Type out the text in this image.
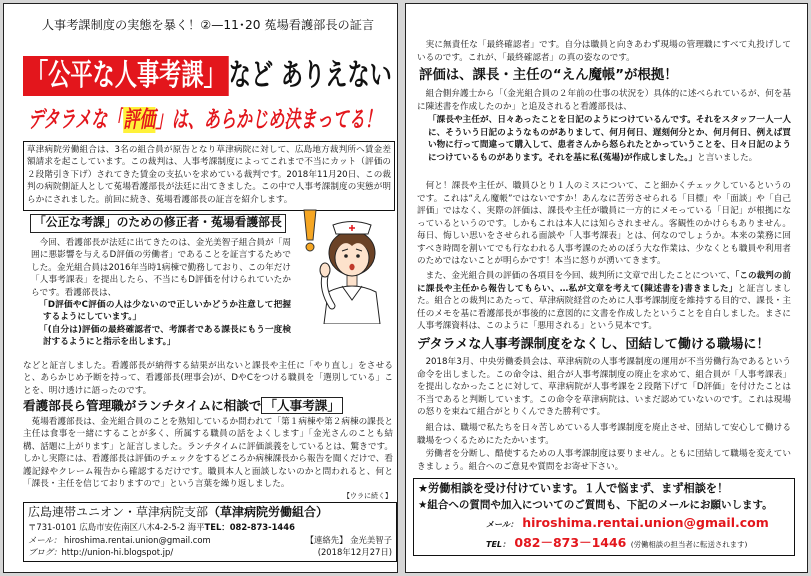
人事考課制度の実態を暴く！②—11･20 菟場看護部長の証言
「公平な人事考課」など ありえない
デタラメな「評価」は、あらかじめ決まってる！
草津病院労働組合は、3名の組合員が原告となり草津病院に対して、広島地方裁判所へ賃金差額請求を起こしています。この裁判は、人事考課制度によってこれまで不当にカット（評価の２段階引き下げ）されてきた賃金の支払いを求めている裁判です。2018年11月20日、この裁判の病院側証人として菟場看護部長が法廷に出てきました。この中で人事考課制度の実態が明らかにされました。前回に続き、菟場看護部長の証言を紹介します。
「公正な考課」のための修正者・菟場看護部長

今回、看護部長が法廷に出てきたのは、金光美智子組合員が「周囲に悪影響を与えるD評価の労働者」であることを証言するためでした。金光組合員は2016年当時1病棟で勤務しており、この年だけ「人事考課表」を提出したら、不当にもD評価を付けられていたからです。看護部長は、

「D評価やC評価の人は少ないので正しいかどうか注意して把握するようにしています。」

「(自分は)評価の最終確認者で、考課者である課長にもう一度検討するようにと指示を出します。」

などと証言しました。看護部長が納得する結果が出ないと課長や主任に「やり直し」をさせると、あらかじめ予断を持って、看護部長(理事会)が、DやCをつける職員を「選別している」ことを、明け透けに語ったのです。
看護部長ら管理職がランチタイムに相談で 「人事考課」
菟場看護部長は、金光組合員のことを熟知しているか問われて「第１病棟や第２病棟の課長と主任は食事を一緒にすることが多く、所属する職員の話をよくします」「金光さんのことも結構、話題に上がります」と証言しました。ランチタイムに評価談義をしているとは、驚きです。しかし実際には、看護部長は評価のチェックをするどころか病棟課長から報告を聞くだけで、看護記録やクレーム報告から確認するだけです。職員本人と面談しないのかと問われると、何と「課長・主任を信じておりますので」という言葉を繰り返しました。
【ウラに続く】
広島連帯ユニオン・草津病院支部（草津病院労働組合）
〒731-0101 広島市安佐南区八木4-2-5-2 海平 TEL： 082-873-1446
メール： hiroshima.rentai.union@gmail.com	【連絡先】 金光美智子
ブログ：http://union-hi.blogspot.jp/	(2018年12月27日)
実に無責任な「最終確認者」です。自分は職員と向きあわず現場の管理職にすべて丸投げしているのです。これが、「最終確認者」の真の姿なのです。
評価は、課長・主任の“えん魔帳”が根拠！
組合側弁護士から「（金光組合員の２年前の仕事の状況を）具体的に述べられているが、何を基に陳述書を作成したのか」と追及されると看護部長は、
「課長や主任が、日々あったことを日記のようにつけているんです。それをスタッフ一人一人に、そういう日記のようなものがありまして、何月何日、遅刻何分とか、何月何日、例えば買い物に行って間違って購入して、患者さんから怒られたとかっていうことを、日々日記のようにつけているものがあります。それを基に私(菟場)が作成しました。」と言いました。
何と！課長や主任が、職員ひとり１人のミスについて、こと細かくチェックしているというのです。これは“えん魔帳”ではないですか！あんなに苦労させられる「目標」や「面談」や「自己評価」ではなく、実際の評価は、課長や主任が職員に一方的にメモっている「日記」が根拠になっているというのです。しかもこれは本人には知らされません。客観性のかけらもありません。毎日、悔しい思いをさせられる面談や「人事考課表」とは、何なのでしょうか。本来の業務に回すべき時間を割いてでも行なわれる人事考課のためのぼう大な作業は、少なくとも職員や利用者のためではないことが明らかです！本当に怒りが湧いてきます。
また、金光組合員の評価の各項目を今回、裁判所に文章で出したことについて、「この裁判の前に課長や主任から報告してもらい、…私が文章を考えて(陳述書を)書きました」と証言しました。組合との裁判にあたって、草津病院経営のために人事考課制度を維持する目的で、課長・主任のメモを基に看護部長が事後的に意図的に文書を作成したということを自白しました。まさに人事考課資料は、このように「悪用される」という見本です。
デタラメな人事考課制度をなくし、団結して働ける職場に！
2018年3月、中央労働委員会は、草津病院の人事考課制度の運用が不当労働行為であるという命令を出しました。この命令は、組合が人事考課制度の廃止を求めて、組合員が「人事考課表」を提出しなかったことに対して、草津病院が人事考課を２段階下げて「D評価」を付けたことは不当であると判断しています。この命令を草津病院は、いまだ認めていないのです。これは現場の怒りを束ねて組合がとりくんできた勝利です。
組合は、職場で私たちを日々苦しめている人事考課制度を廃止させ、団結して安心して働ける職場をつくるためにたたかいます。
労働者を分断し、酷使するための人事考課制度は要りません。ともに団結して職場を変えていきましょう。組合へのご意見や質問をお寄せ下さい。
★労働相談を受け付けています。１人で悩まず、まず相談を！
★組合への質問や加入についてのご質問も、下記のメールにお願いします。
メール： hiroshima.rentai.union@gmail.com
TEL： 082－873－1446 (労働相談の担当者に転送されます)
